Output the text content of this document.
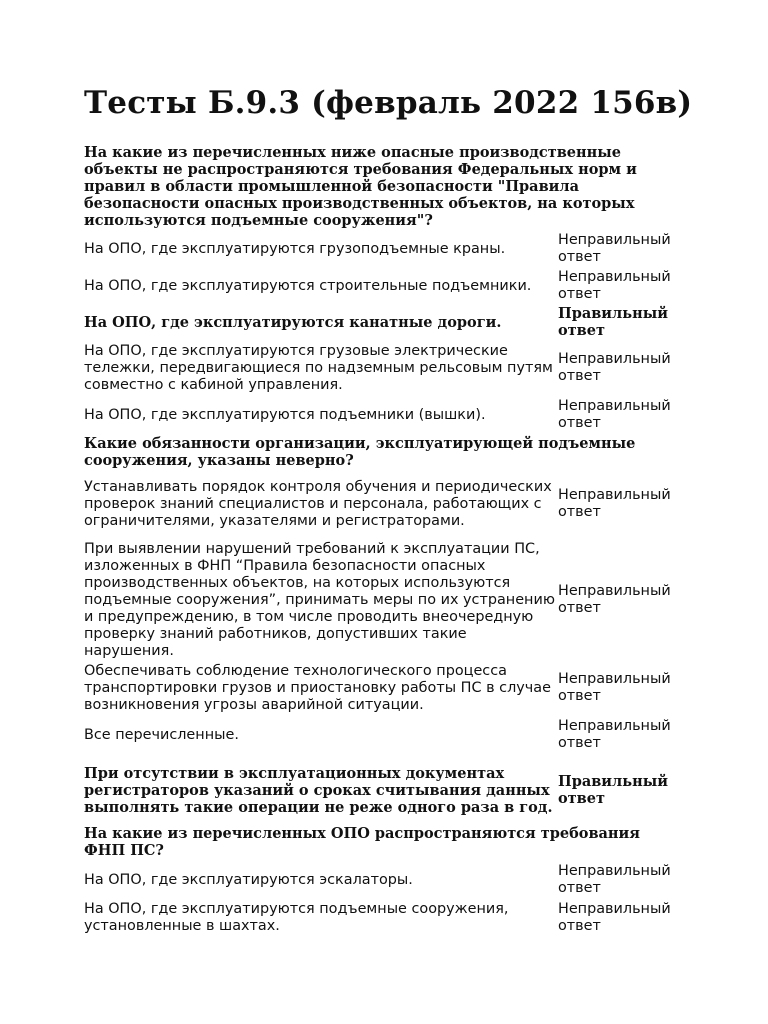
Тесты Б.9.3 (февраль 2022 156в)
На какие из перечисленных ниже опасные производственные объекты не распространяются требования Федеральных норм и правил в области промышленной безопасности "Правила безопасности опасных производственных объектов, на которых используются подъемные сооружения"?
На ОПО, где эксплуатируются грузоподъемные краны.
Неправильный ответ
На ОПО, где эксплуатируются строительные подъемники.
Неправильный ответ
На ОПО, где эксплуатируются канатные дороги.	Правильный ответ
На ОПО, где эксплуатируются грузовые электрические тележки, передвигающиеся по надземным рельсовым путям совместно с кабиной управления.
Неправильный ответ
На ОПО, где эксплуатируются подъемники (вышки).
Неправильный ответ
Какие обязанности организации, эксплуатирующей подъемные сооружения, указаны неверно?
Устанавливать порядок контроля обучения и периодических проверок знаний специалистов и персонала, работающих с ограничителями, указателями и регистраторами.
Неправильный ответ
При выявлении нарушений требований к эксплуатации ПС, изложенных в ФНП “Правила безопасности опасных производственных объектов, на которых используются подъемные сооружения”, принимать меры по их устранению и предупреждению, в том числе проводить внеочередную проверку знаний работников, допустивших такие нарушения.
Неправильный ответ
Обеспечивать соблюдение технологического процесса транспортировки грузов и приостановку работы ПС в случае возникновения угрозы аварийной ситуации.
Неправильный ответ
Все перечисленные.
Неправильный ответ
При отсутствии в эксплуатационных документах регистраторов указаний о сроках считывания данных выполнять такие операции не реже одного раза в год.
Правильный ответ
На какие из перечисленных ОПО распространяются требования ФНП ПС?
На ОПО, где эксплуатируются эскалаторы.
Неправильный ответ
На ОПО, где эксплуатируются подъемные сооружения, установленные в шахтах.
Неправильный ответ
